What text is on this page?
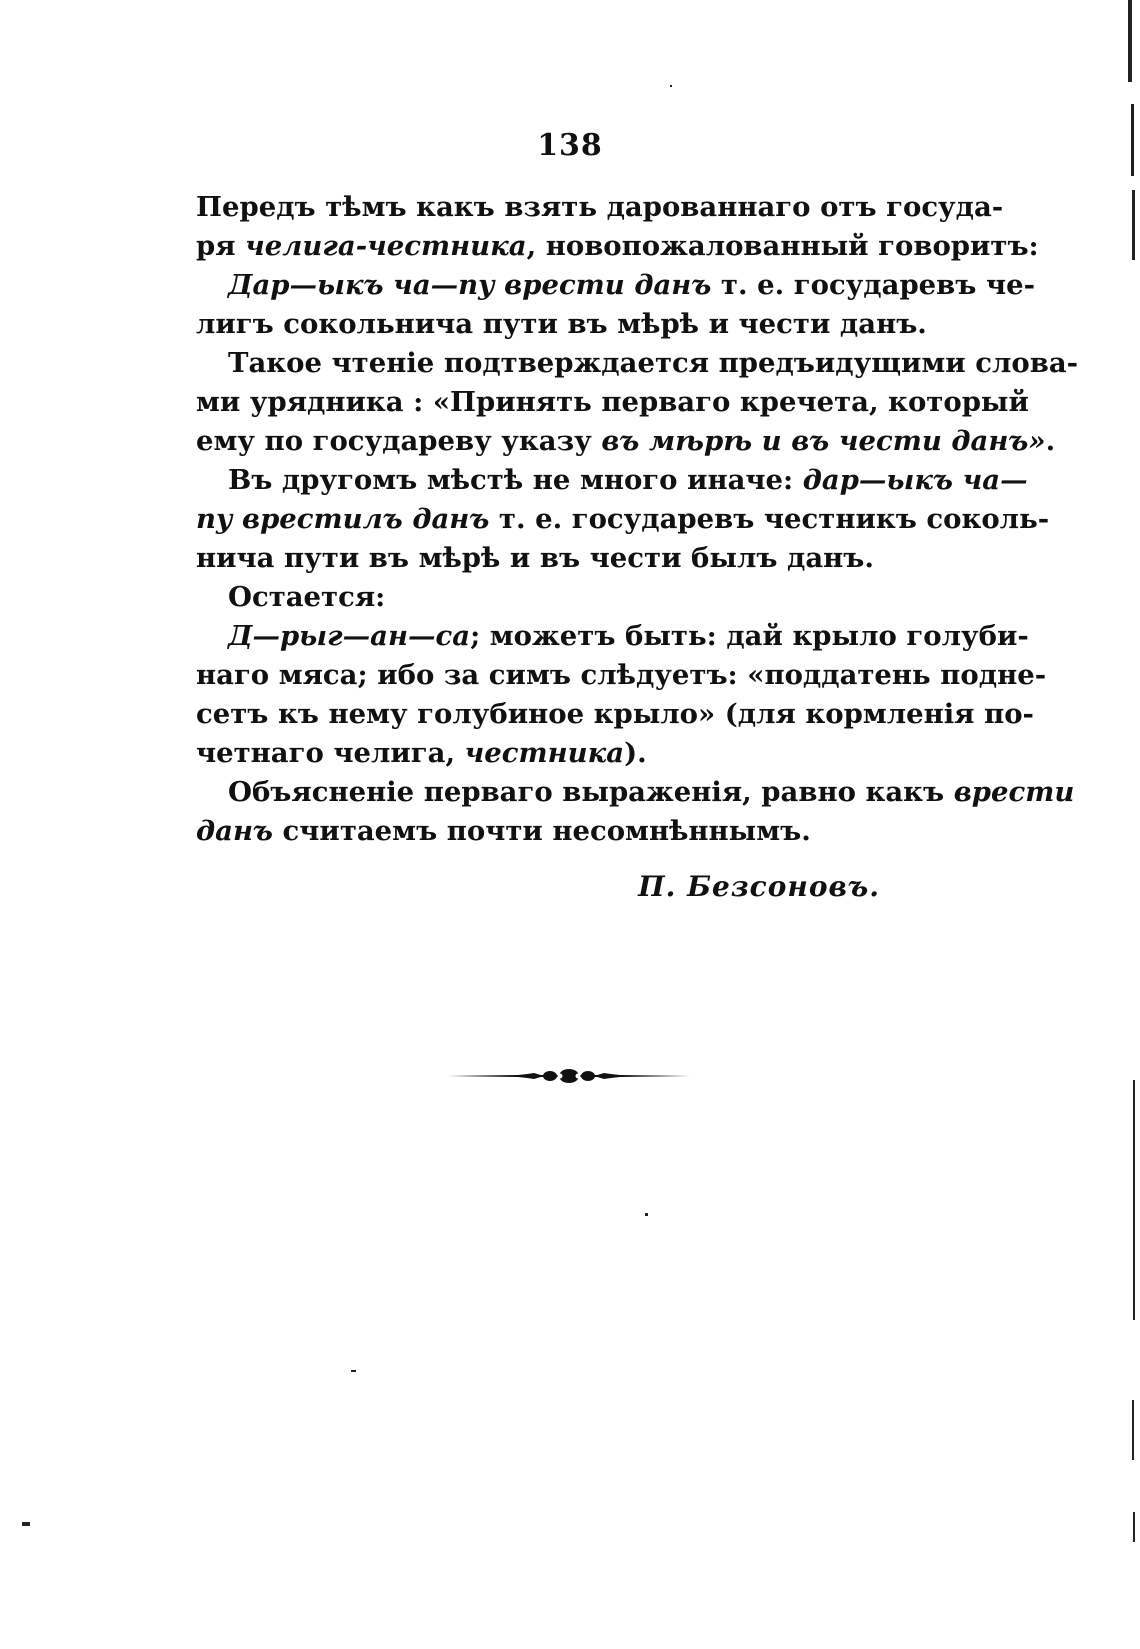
138
Передъ тѣмъ какъ взять дарованнаго отъ госуда-
ря челига-честника, новопожалованный говоритъ:
Дар—ыкъ ча—пу врести данъ т. е. государевъ че-
лигъ сокольнича пути въ мѣрѣ и чести данъ.
Такое чтенiе подтверждается предъидущими слова-
ми урядника : «Принять перваго кречета, который
ему по государеву указу въ мѣрѣ и въ чести данъ».
Въ другомъ мѣстѣ не много иначе: дар—ыкъ ча—
пу врестилъ данъ т. е. государевъ честникъ соколь-
нича пути въ мѣрѣ и въ чести былъ данъ.
Остается:
Д—рыг—ан—са; можетъ быть: дай крыло голуби-
наго мяса; ибо за симъ слѣдуетъ: «поддатень подне-
сетъ къ нему голубиное крыло» (для кормленiя по-
четнаго челига, честника).
Объясненiе перваго выраженiя, равно какъ врести
данъ считаемъ почти несомнѣннымъ.
П. Безсоновъ.
